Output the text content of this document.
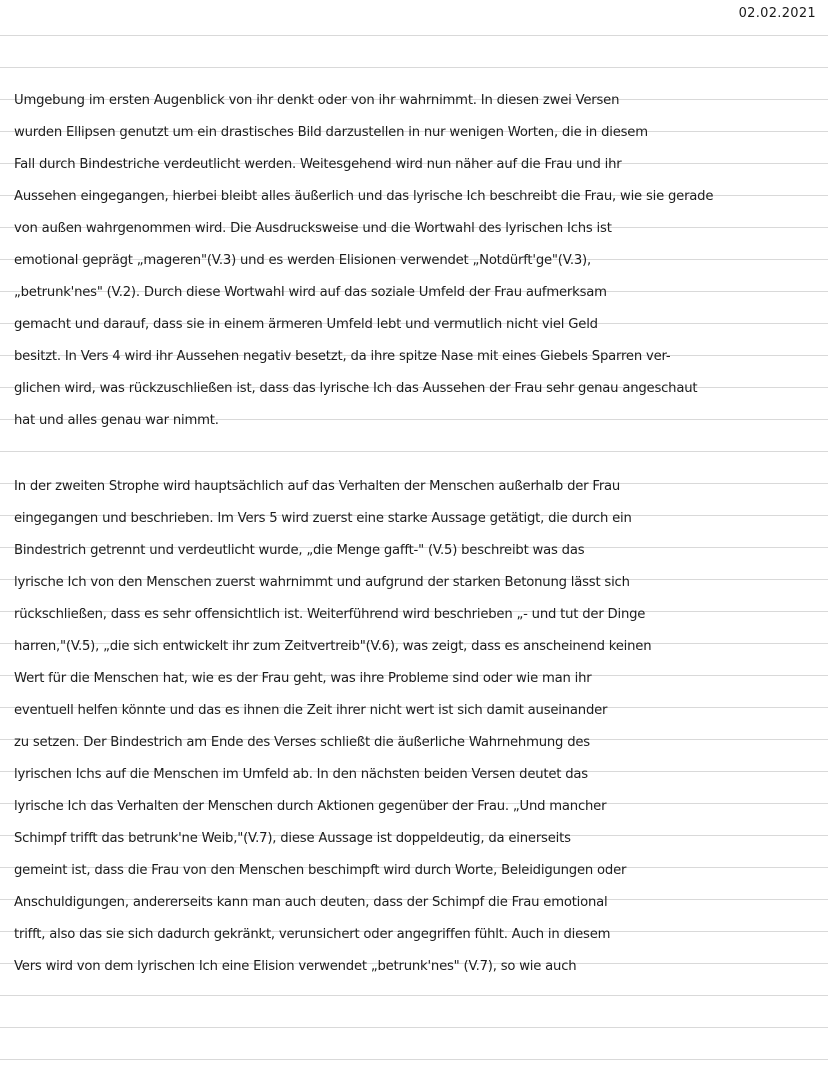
02.02.2021
Umgebung im ersten Augenblick von ihr denkt oder von ihr wahrnimmt. In diesen zwei Versen
wurden Ellipsen genutzt um ein drastisches Bild darzustellen in nur wenigen Worten, die in diesem
Fall durch Bindestriche verdeutlicht werden. Weitesgehend wird nun näher auf die Frau und ihr
Aussehen eingegangen, hierbei bleibt alles äußerlich und das lyrische Ich beschreibt die Frau, wie sie gerade
von außen wahrgenommen wird. Die Ausdrucksweise und die Wortwahl des lyrischen Ichs ist
emotional geprägt „mageren"(V.3) und es werden Elisionen verwendet „Notdürft'ge"(V.3),
„betrunk'nes" (V.2). Durch diese Wortwahl wird auf das soziale Umfeld der Frau aufmerksam
gemacht und darauf, dass sie in einem ärmeren Umfeld lebt und vermutlich nicht viel Geld
besitzt. In Vers 4 wird ihr Aussehen negativ besetzt, da ihre spitze Nase mit eines Giebels Sparren ver-
glichen wird, was rückzuschließen ist, dass das lyrische Ich das Aussehen der Frau sehr genau angeschaut
hat und alles genau war nimmt.
In der zweiten Strophe wird hauptsächlich auf das Verhalten der Menschen außerhalb der Frau
eingegangen und beschrieben. Im Vers 5 wird zuerst eine starke Aussage getätigt, die durch ein
Bindestrich getrennt und verdeutlicht wurde, „die Menge gafft-" (V.5) beschreibt was das
lyrische Ich von den Menschen zuerst wahrnimmt und aufgrund der starken Betonung lässt sich
rückschließen, dass es sehr offensichtlich ist. Weiterführend wird beschrieben „- und tut der Dinge
harren,"(V.5), „die sich entwickelt ihr zum Zeitvertreib"(V.6), was zeigt, dass es anscheinend keinen
Wert für die Menschen hat, wie es der Frau geht, was ihre Probleme sind oder wie man ihr
eventuell helfen könnte und das es ihnen die Zeit ihrer nicht wert ist sich damit auseinander
zu setzen. Der Bindestrich am Ende des Verses schließt die äußerliche Wahrnehmung des
lyrischen Ichs auf die Menschen im Umfeld ab. In den nächsten beiden Versen deutet das
lyrische Ich das Verhalten der Menschen durch Aktionen gegenüber der Frau. „Und mancher
Schimpf trifft das betrunk'ne Weib,"(V.7), diese Aussage ist doppeldeutig, da einerseits
gemeint ist, dass die Frau von den Menschen beschimpft wird durch Worte, Beleidigungen oder
Anschuldigungen, andererseits kann man auch deuten, dass der Schimpf die Frau emotional
trifft, also das sie sich dadurch gekränkt, verunsichert oder angegriffen fühlt. Auch in diesem
Vers wird von dem lyrischen Ich eine Elision verwendet „betrunk'nes" (V.7), so wie auch
